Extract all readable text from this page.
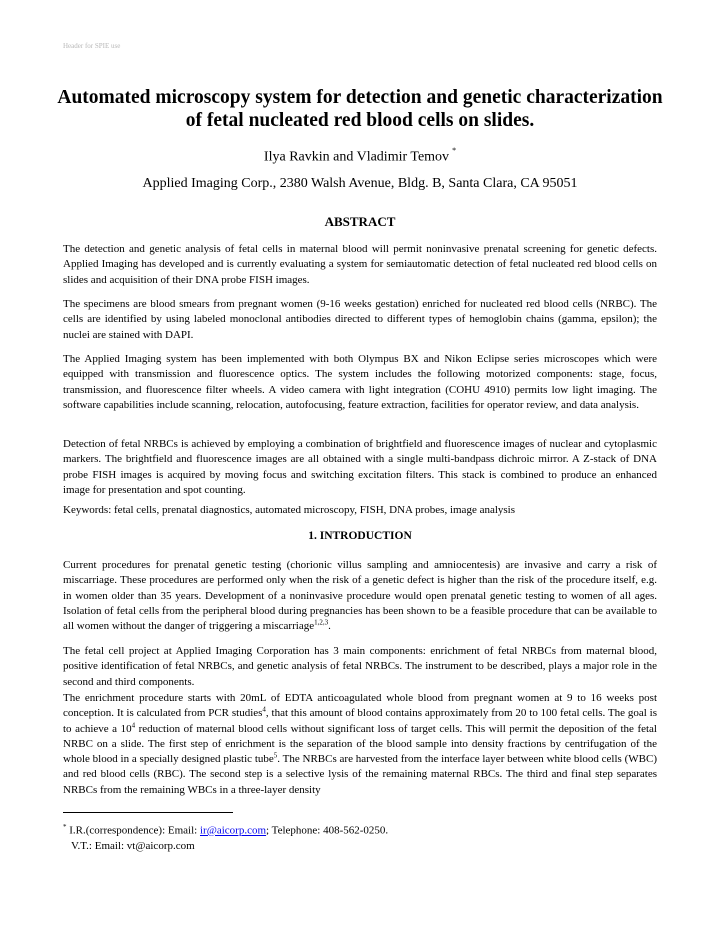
Header for SPIE use
Automated microscopy system for detection and genetic characterization
of fetal nucleated red blood cells on slides.
Ilya Ravkin and Vladimir Temov *
Applied Imaging Corp., 2380 Walsh Avenue, Bldg. B, Santa Clara, CA 95051
ABSTRACT

The detection and genetic analysis of fetal cells in maternal blood will permit noninvasive prenatal screening for genetic defects. Applied Imaging has developed and is currently evaluating a system for semiautomatic detection of fetal nucleated red blood cells on slides and acquisition of their DNA probe FISH images.

The specimens are blood smears from pregnant women (9-16 weeks gestation) enriched for nucleated red blood cells (NRBC). The cells are identified by using labeled monoclonal antibodies directed to different types of hemoglobin chains (gamma, epsilon); the nuclei are stained with DAPI.

The Applied Imaging system has been implemented with both Olympus BX and Nikon Eclipse series microscopes which were equipped with transmission and fluorescence optics. The system includes the following motorized components: stage, focus, transmission, and fluorescence filter wheels. A video camera with light integration (COHU 4910) permits low light imaging. The software capabilities include scanning, relocation, autofocusing, feature extraction, facilities for operator review, and data analysis.

Detection of fetal NRBCs is achieved by employing a combination of brightfield and fluorescence images of nuclear and cytoplasmic markers. The brightfield and fluorescence images are all obtained with a single multi-bandpass dichroic mirror. A Z-stack of DNA probe FISH images is acquired by moving focus and switching excitation filters. This stack is combined to produce an enhanced image for presentation and spot counting.

Keywords: fetal cells, prenatal diagnostics, automated microscopy, FISH, DNA probes, image analysis

1. INTRODUCTION

Current procedures for prenatal genetic testing (chorionic villus sampling and amniocentesis) are invasive and carry a risk of miscarriage. These procedures are performed only when the risk of a genetic defect is higher than the risk of the procedure itself, e.g. in women older than 35 years. Development of a noninvasive procedure would open prenatal genetic testing to women of all ages. Isolation of fetal cells from the peripheral blood during pregnancies has been shown to be a feasible procedure that can be available to all women without the danger of triggering a miscarriage$^{1,2,3}$.

The fetal cell project at Applied Imaging Corporation has 3 main components: enrichment of fetal NRBCs from maternal blood, positive identification of fetal NRBCs, and genetic analysis of fetal NRBCs. The instrument to be described, plays a major role in the second and third components.

The enrichment procedure starts with 20mL of EDTA anticoagulated whole blood from pregnant women at 9 to 16 weeks post conception. It is calculated from PCR studies$^4$, that this amount of blood contains approximately from 20 to 100 fetal cells. The goal is to achieve a $10^4$ reduction of maternal blood cells without significant loss of target cells. This will permit the deposition of the fetal NRBC on a slide. The first step of enrichment is the separation of the blood sample into density fractions by centrifugation of the whole blood in a specially designed plastic tube$^5$. The NRBCs are harvested from the interface layer between white blood cells (WBC) and red blood cells (RBC). The second step is a selective lysis of the remaining maternal RBCs. The third and final step separates NRBCs from the remaining WBCs in a three-layer density

* I.R.(correspondence): Email: ir@aicorp.com; Telephone: 408-562-0250.
V.T.: Email: vt@aicorp.com
